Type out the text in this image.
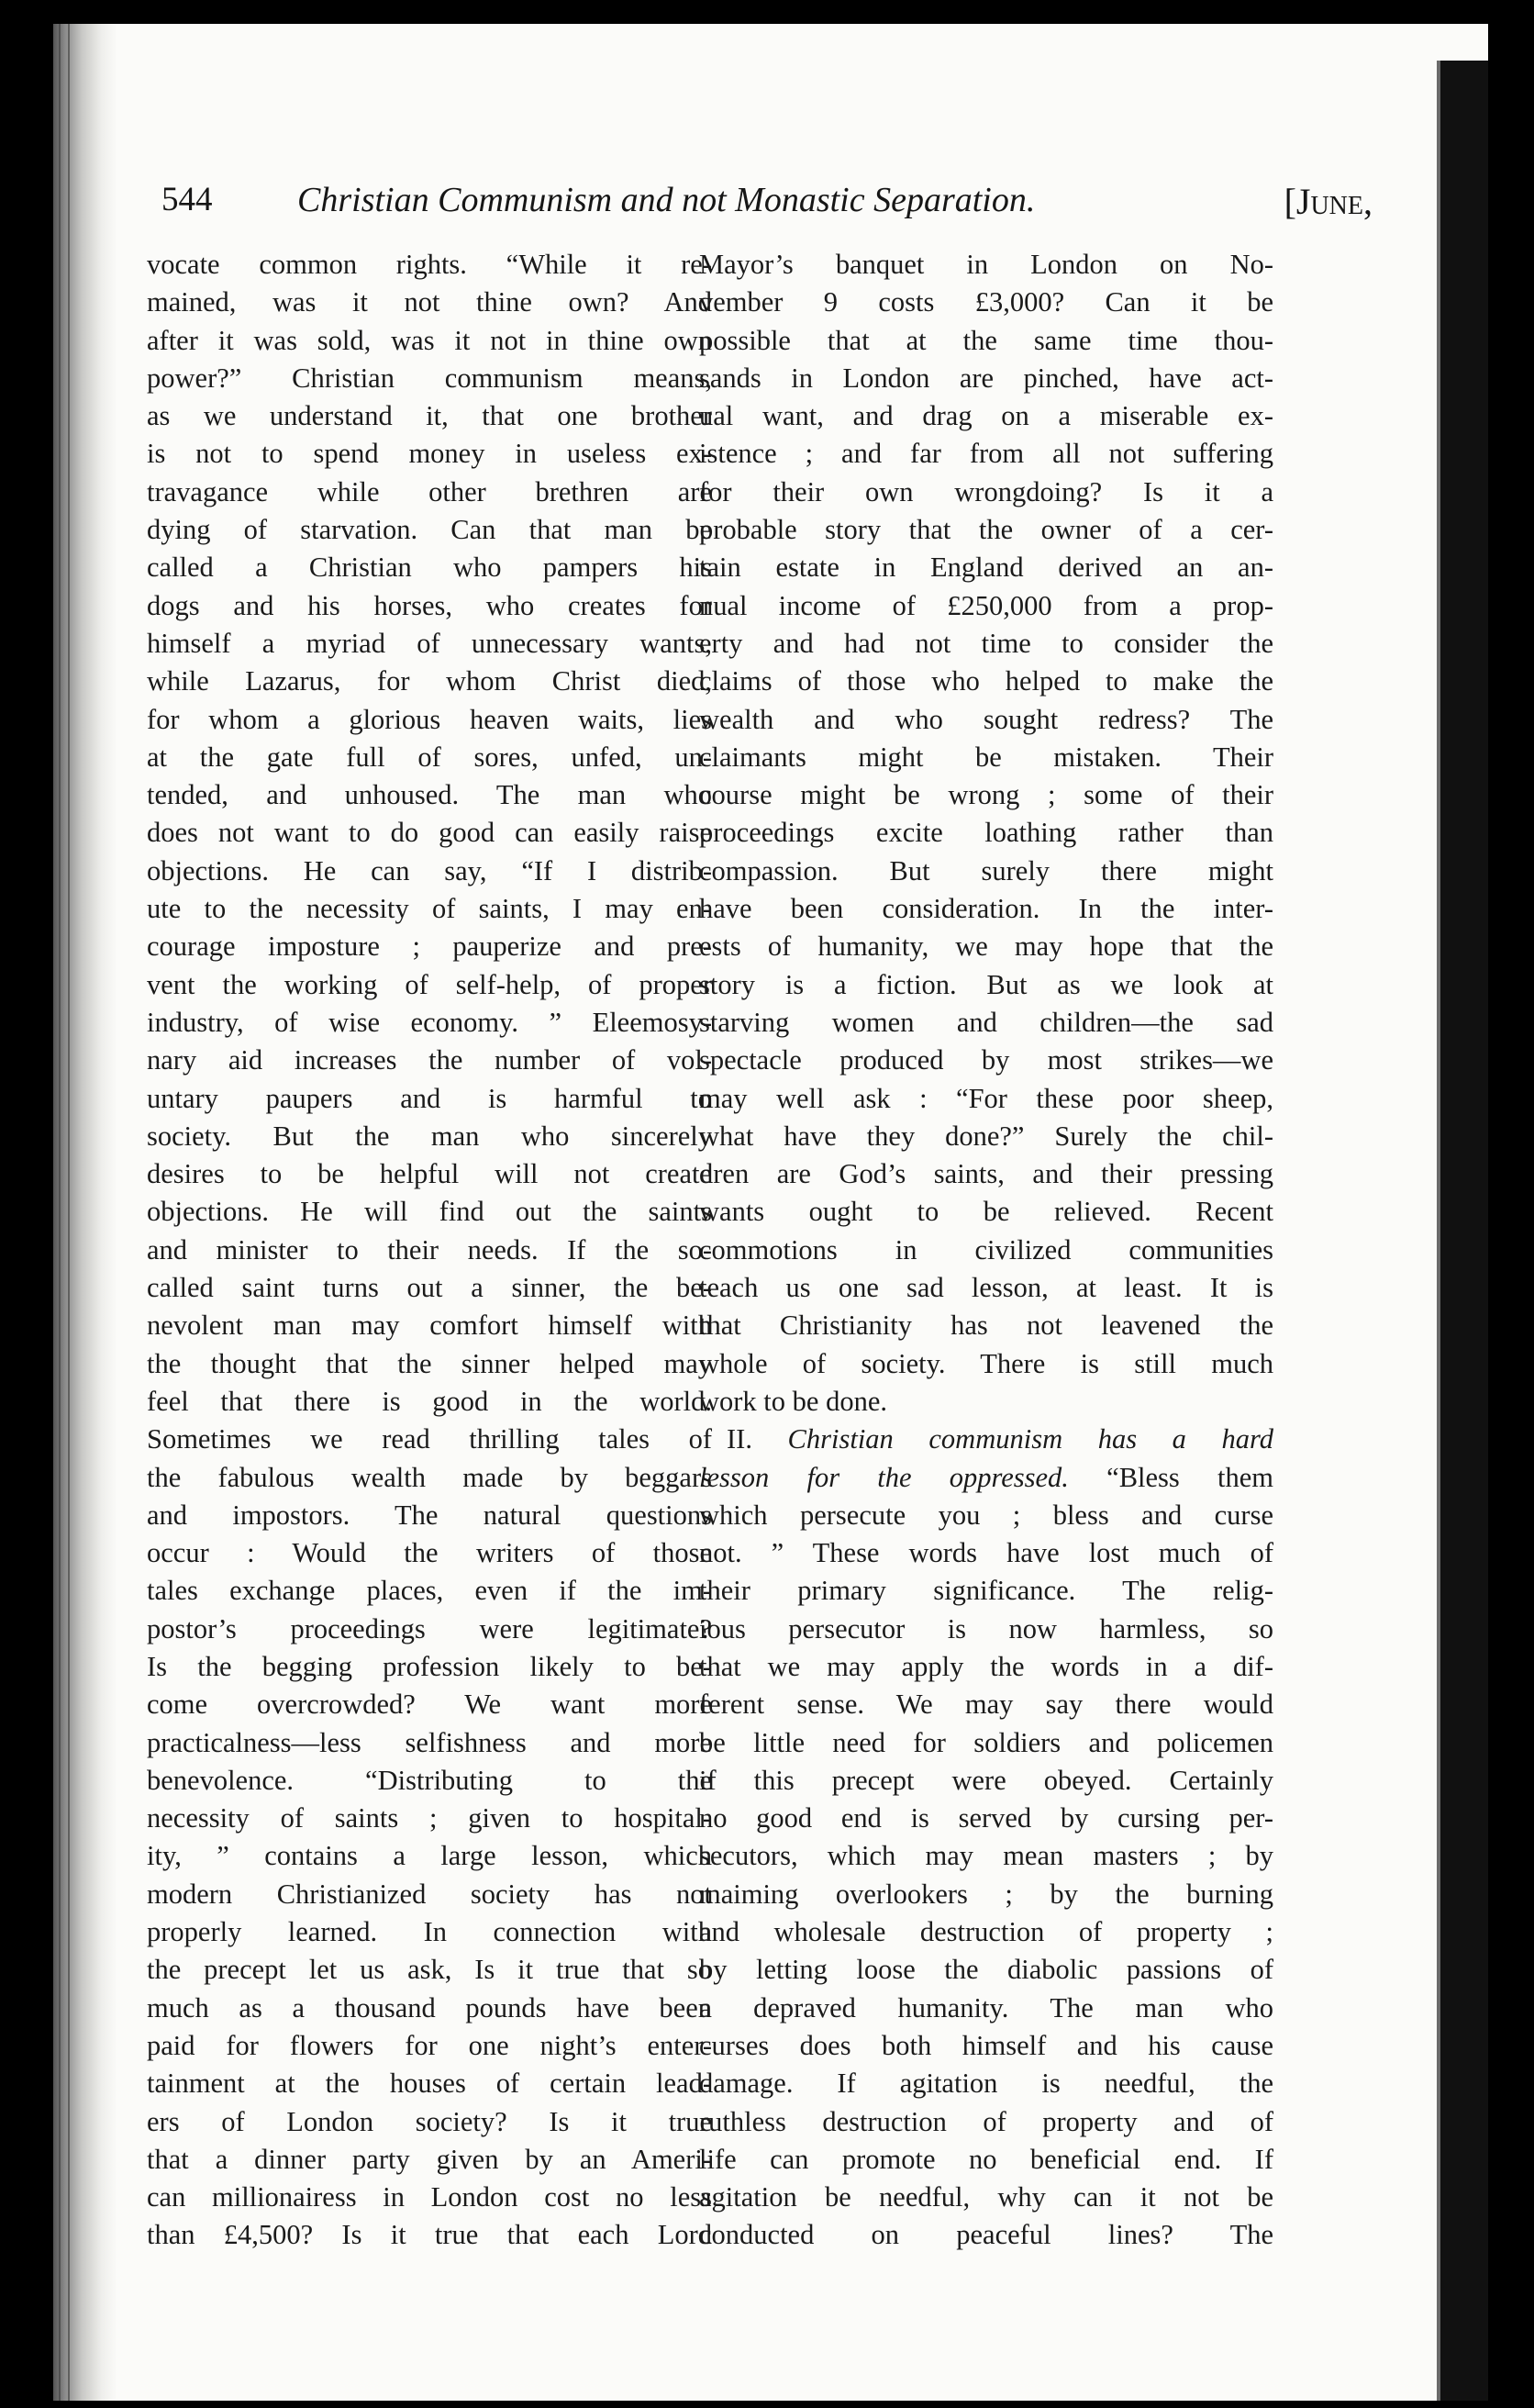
544 Christian Communism and not Monastic Separation.	[June,
vocate common rights. “While it re-
mained, was it not thine own? And
after it was sold, was it not in thine own
power?” Christian communism means,
as we understand it, that one brother
is not to spend money in useless ex-
travagance while other brethren are
dying of starvation. Can that man be
called a Christian who pampers his
dogs and his horses, who creates for
himself a myriad of unnecessary wants,
while Lazarus, for whom Christ died,
for whom a glorious heaven waits, lies
at the gate full of sores, unfed, un-
tended, and unhoused. The man who
does not want to do good can easily raise
objections. He can say, “If I distrib-
ute to the necessity of saints, I may en-
courage imposture ; pauperize and pre-
vent the working of self-help, of proper
industry, of wise economy. ” Eleemosy-
nary aid increases the number of vol-
untary paupers and is harmful to
society. But the man who sincerely
desires to be helpful will not create
objections. He will find out the saints
and minister to their needs. If the so-
called saint turns out a sinner, the be-
nevolent man may comfort himself with
the thought that the sinner helped may
feel that there is good in the world.
Sometimes we read thrilling tales of
the fabulous wealth made by beggars
and impostors. The natural questions
occur : Would the writers of those
tales exchange places, even if the im-
postor’s proceedings were legitimate?
Is the begging profession likely to be-
come overcrowded? We want more
practicalness—less selfishness and more
benevolence. “Distributing to the
necessity of saints ; given to hospital-
ity, ” contains a large lesson, which
modern Christianized society has not
properly learned. In connection with
the precept let us ask, Is it true that so
much as a thousand pounds have been
paid for flowers for one night’s enter-
tainment at the houses of certain lead-
ers of London society? Is it true
that a dinner party given by an Ameri-
can millionairess in London cost no less
than £4,500? Is it true that each Lord
Mayor’s banquet in London on No-
vember 9 costs £3,000? Can it be
possible that at the same time thou-
sands in London are pinched, have act-
ual want, and drag on a miserable ex-
istence ; and far from all not suffering
for their own wrongdoing? Is it a
probable story that the owner of a cer-
tain estate in England derived an an-
nual income of £250,000 from a prop-
erty and had not time to consider the
claims of those who helped to make the
wealth and who sought redress? The
claimants might be mistaken. Their
course might be wrong ; some of their
proceedings excite loathing rather than
compassion. But surely there might
have been consideration. In the inter-
ests of humanity, we may hope that the
story is a fiction. But as we look at
starving women and children—the sad
spectacle produced by most strikes—we
may well ask : “For these poor sheep,
what have they done?” Surely the chil-
dren are God’s saints, and their pressing
wants ought to be relieved. Recent
commotions in civilized communities
teach us one sad lesson, at least. It is
that Christianity has not leavened the
whole of society. There is still much
work to be done.
II. Christian communism has a hard
lesson for the oppressed. “Bless them
which persecute you ; bless and curse
not. ” These words have lost much of
their primary significance. The relig-
ious persecutor is now harmless, so
that we may apply the words in a dif-
ferent sense. We may say there would
be little need for soldiers and policemen
if this precept were obeyed. Certainly
no good end is served by cursing per-
secutors, which may mean masters ; by
maiming overlookers ; by the burning
and wholesale destruction of property ;
by letting loose the diabolic passions of
a depraved humanity. The man who
curses does both himself and his cause
damage. If agitation is needful, the
ruthless destruction of property and of
life can promote no beneficial end. If
agitation be needful, why can it not be
conducted on peaceful lines? The
